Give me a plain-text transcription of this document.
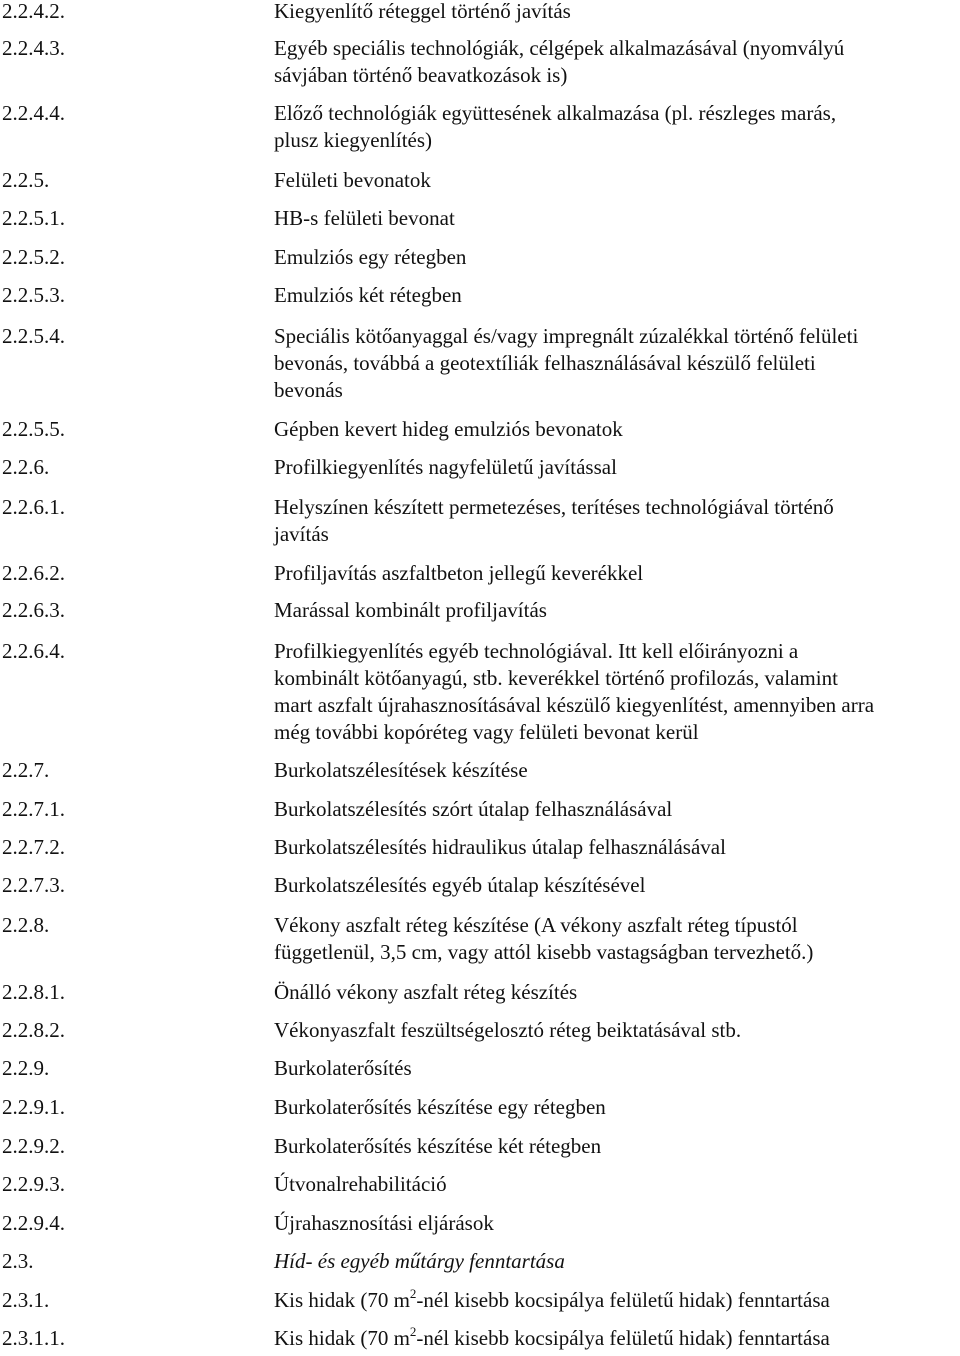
2.2.4.2.	Kiegyenlítő réteggel történő javítás
2.2.4.3.	Egyéb speciális technológiák, célgépek alkalmazásával (nyomvályú
sávjában történő beavatkozások is)
2.2.4.4.	Előző technológiák együttesének alkalmazása (pl. részleges marás,
plusz kiegyenlítés)
2.2.5.	Felületi bevonatok
2.2.5.1.	HB-s felületi bevonat
2.2.5.2.	Emulziós egy rétegben
2.2.5.3.	Emulziós két rétegben
2.2.5.4.	Speciális kötőanyaggal és/vagy impregnált zúzalékkal történő felületi
bevonás, továbbá a geotextíliák felhasználásával készülő felületi
bevonás
2.2.5.5.	Gépben kevert hideg emulziós bevonatok
2.2.6.	Profilkiegyenlítés nagyfelületű javítással
2.2.6.1.	Helyszínen készített permetezéses, terítéses technológiával történő
javítás
2.2.6.2.	Profiljavítás aszfaltbeton jellegű keverékkel
2.2.6.3.	Marással kombinált profiljavítás
2.2.6.4.	Profilkiegyenlítés egyéb technológiával. Itt kell előirányozni a
kombinált kötőanyagú, stb. keverékkel történő profilozás, valamint
mart aszfalt újrahasznosításával készülő kiegyenlítést, amennyiben arra
még további kopóréteg vagy felületi bevonat kerül
2.2.7.	Burkolatszélesítések készítése
2.2.7.1.	Burkolatszélesítés szórt útalap felhasználásával
2.2.7.2.	Burkolatszélesítés hidraulikus útalap felhasználásával
2.2.7.3.	Burkolatszélesítés egyéb útalap készítésével
2.2.8.	Vékony aszfalt réteg készítése (A vékony aszfalt réteg típustól
függetlenül, 3,5 cm, vagy attól kisebb vastagságban tervezhető.)
2.2.8.1.	Önálló vékony aszfalt réteg készítés
2.2.8.2.	Vékonyaszfalt feszültségelosztó réteg beiktatásával stb.
2.2.9.	Burkolaterősítés
2.2.9.1.	Burkolaterősítés készítése egy rétegben
2.2.9.2.	Burkolaterősítés készítése két rétegben
2.2.9.3.	Útvonalrehabilitáció
2.2.9.4.	Újrahasznosítási eljárások
2.3.	Híd- és egyéb műtárgy fenntartása
2.3.1.	Kis hidak (70 $m^2$-nél kisebb kocsipálya felületű hidak) fenntartása
2.3.1.1.	Kis hidak (70 $m^2$-nél kisebb kocsipálya felületű hidak) fenntartása
